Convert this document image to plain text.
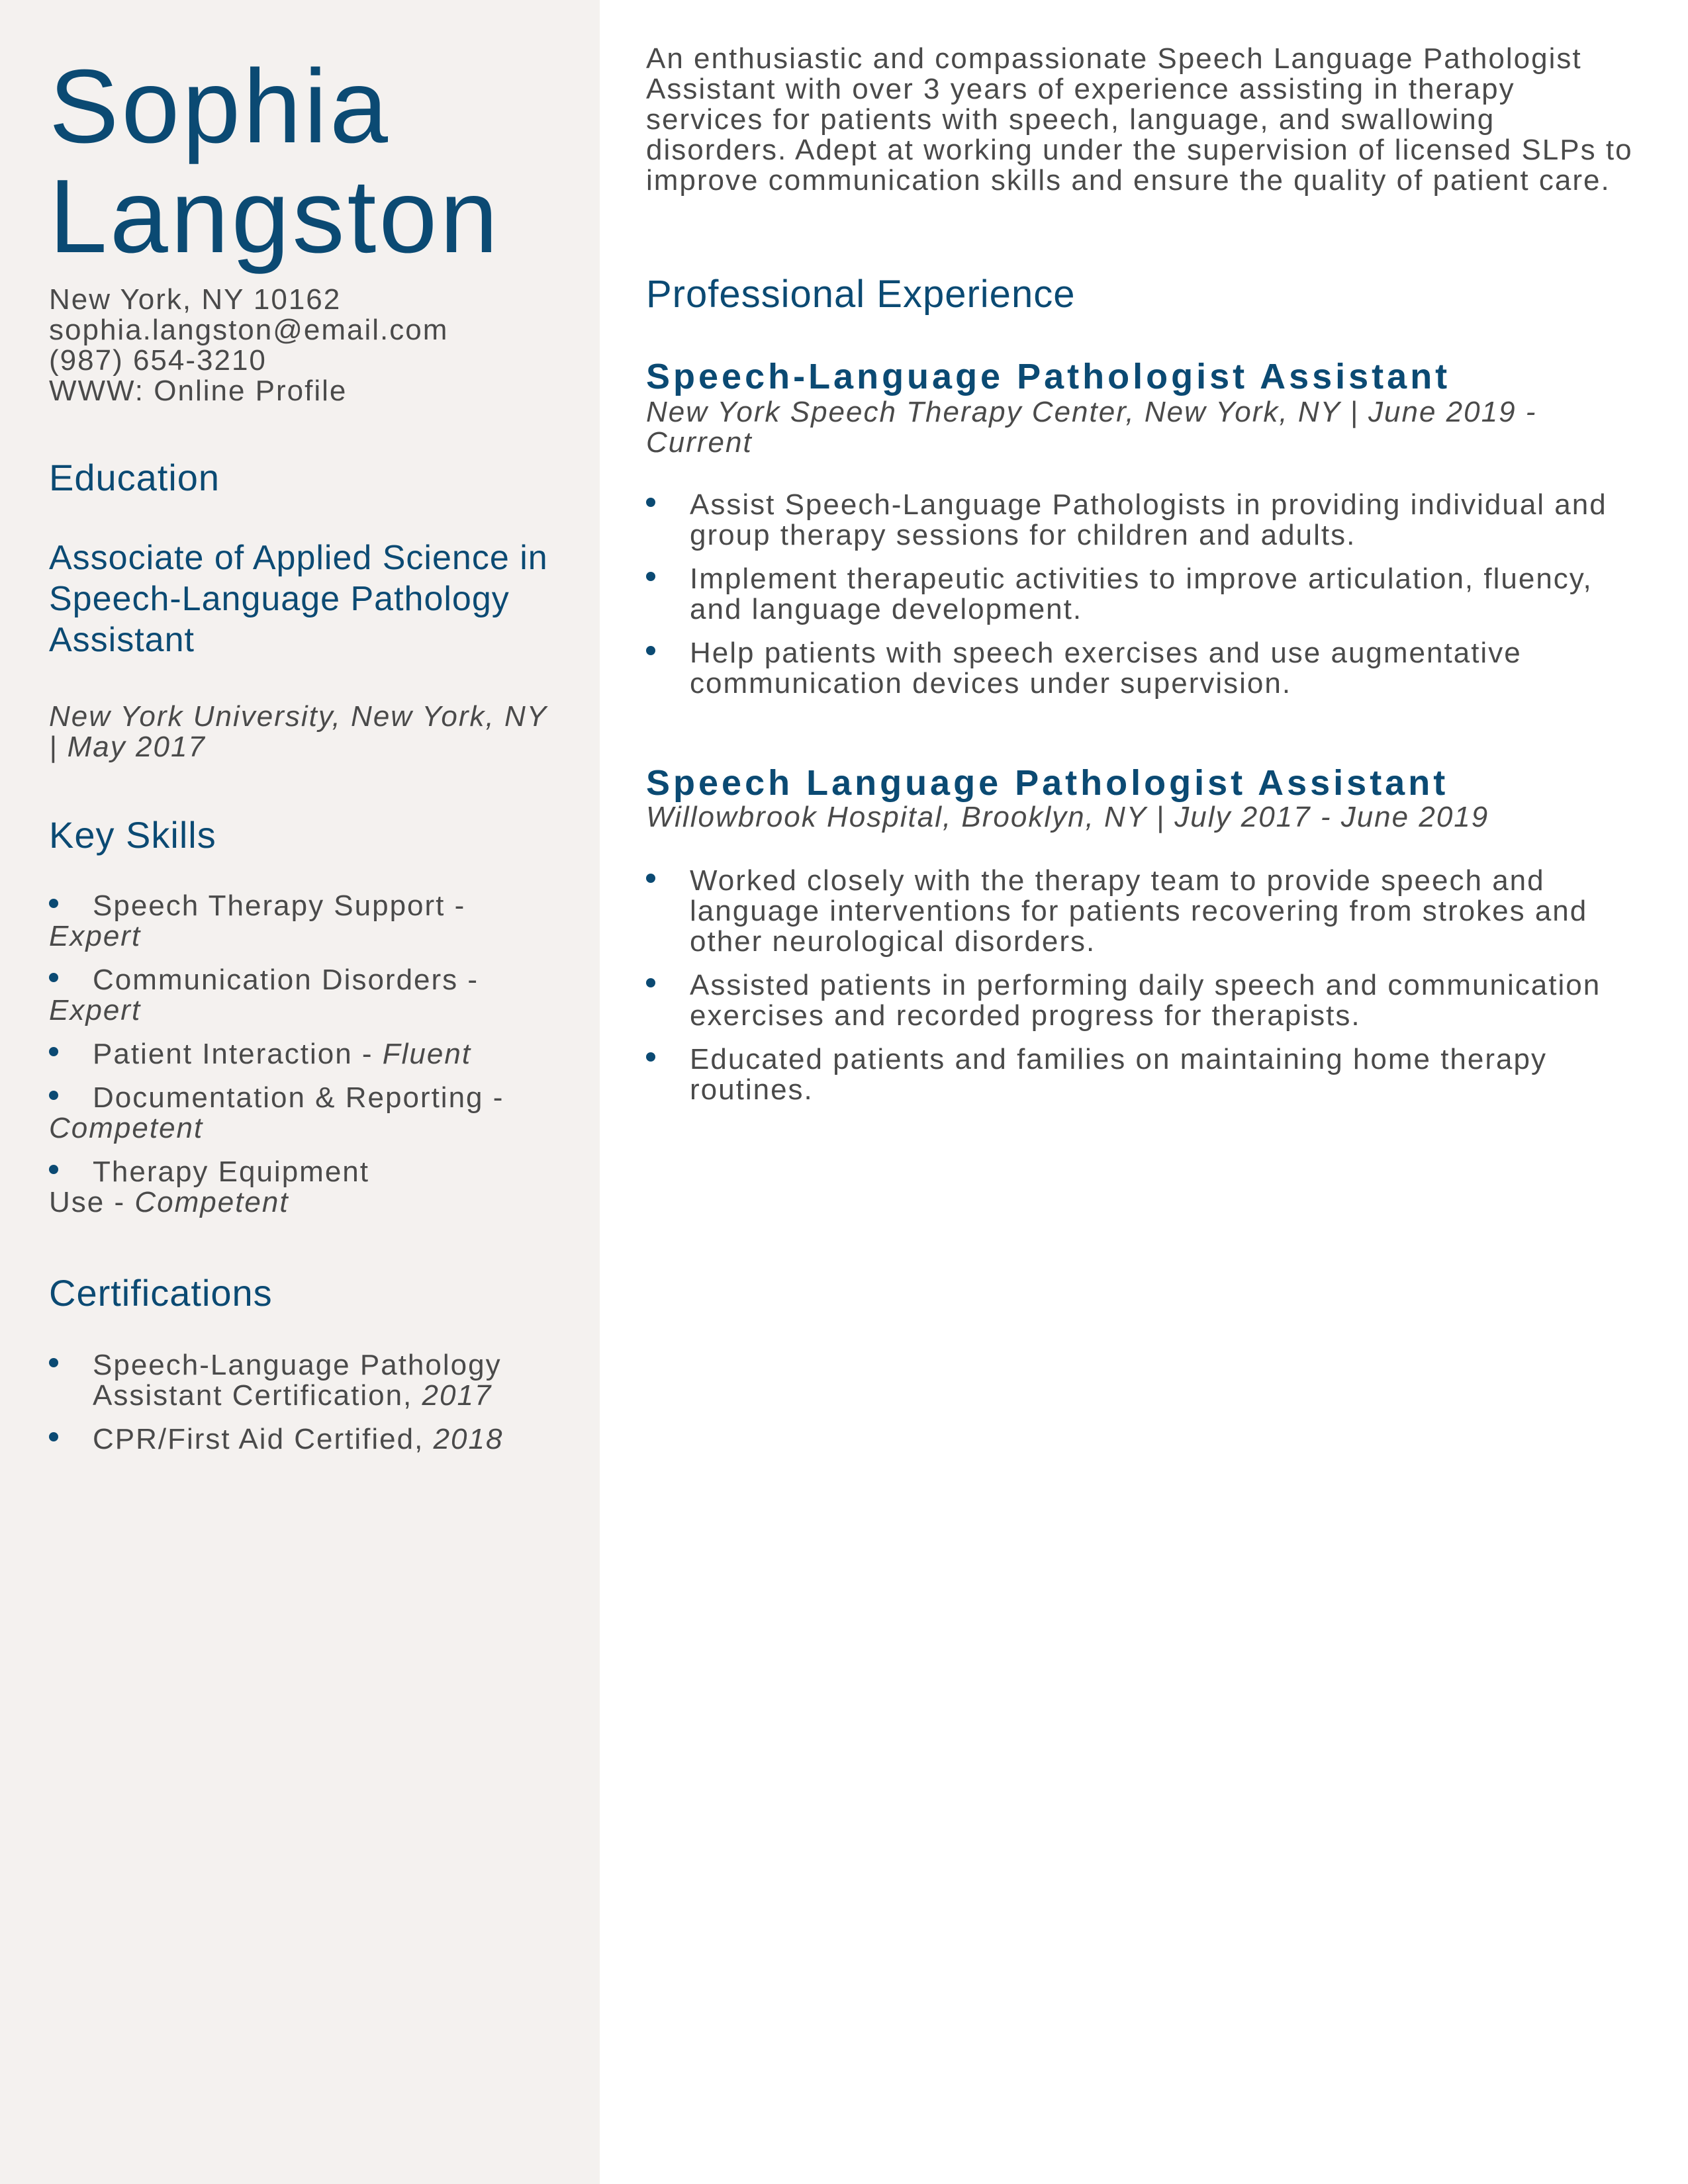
Sophia
Langston
New York, NY 10162
sophia.langston@email.com
(987) 654-3210
WWW: Online Profile
Education
Associate of Applied Science in Speech-Language Pathology Assistant
New York University, New York, NY | May 2017
Key Skills
Speech Therapy Support - Expert
Communication Disorders - Expert
Patient Interaction - Fluent
Documentation & Reporting - Competent
Therapy Equipment Use - Competent
Certifications
Speech-Language Pathology Assistant Certification, 2017
CPR/First Aid Certified, 2018

An enthusiastic and compassionate Speech Language Pathologist Assistant with over 3 years of experience assisting in therapy services for patients with speech, language, and swallowing disorders. Adept at working under the supervision of licensed SLPs to improve communication skills and ensure the quality of patient care.

Professional Experience
Speech-Language Pathologist Assistant
New York Speech Therapy Center, New York, NY | June 2019 - Current
Assist Speech-Language Pathologists in providing individual and group therapy sessions for children and adults.
Implement therapeutic activities to improve articulation, fluency, and language development.
Help patients with speech exercises and use augmentative communication devices under supervision.
Speech Language Pathologist Assistant
Willowbrook Hospital, Brooklyn, NY | July 2017 - June 2019
Worked closely with the therapy team to provide speech and language interventions for patients recovering from strokes and other neurological disorders.
Assisted patients in performing daily speech and communication exercises and recorded progress for therapists.
Educated patients and families on maintaining home therapy routines.
